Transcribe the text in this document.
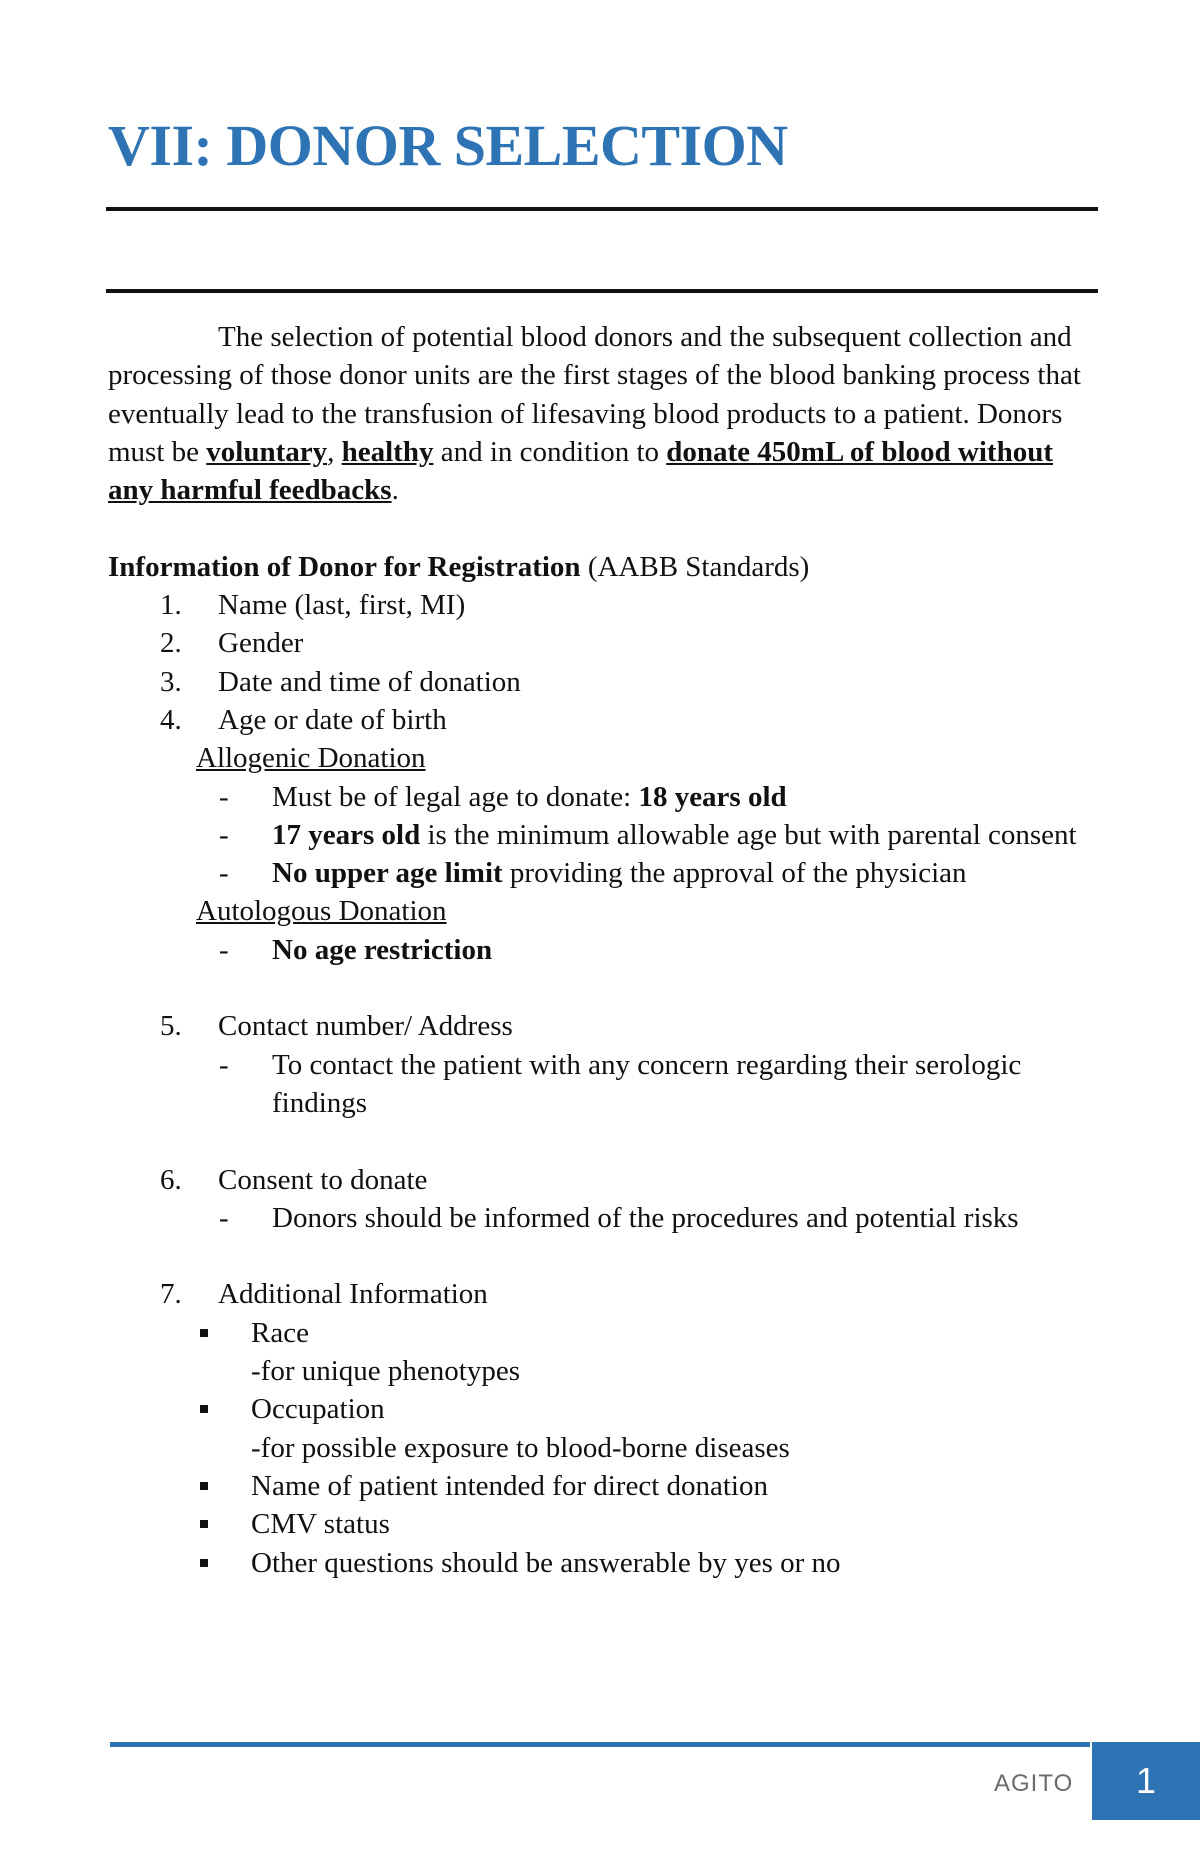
VII: DONOR SELECTION

The selection of potential blood donors and the subsequent collection and processing of those donor units are the first stages of the blood banking process that eventually lead to the transfusion of lifesaving blood products to a patient. Donors must be voluntary, healthy and in condition to donate 450mL of blood without any harmful feedbacks.

Information of Donor for Registration (AABB Standards)
1. Name (last, first, MI)
2. Gender
3. Date and time of donation
4. Age or date of birth
Allogenic Donation
- Must be of legal age to donate: 18 years old
- 17 years old is the minimum allowable age but with parental consent
- No upper age limit providing the approval of the physician
Autologous Donation
- No age restriction
5. Contact number/ Address
- To contact the patient with any concern regarding their serologic findings
6. Consent to donate
- Donors should be informed of the procedures and potential risks
7. Additional Information
Race
-for unique phenotypes
Occupation
-for possible exposure to blood-borne diseases
Name of patient intended for direct donation
CMV status
Other questions should be answerable by yes or no
AGITO	1
